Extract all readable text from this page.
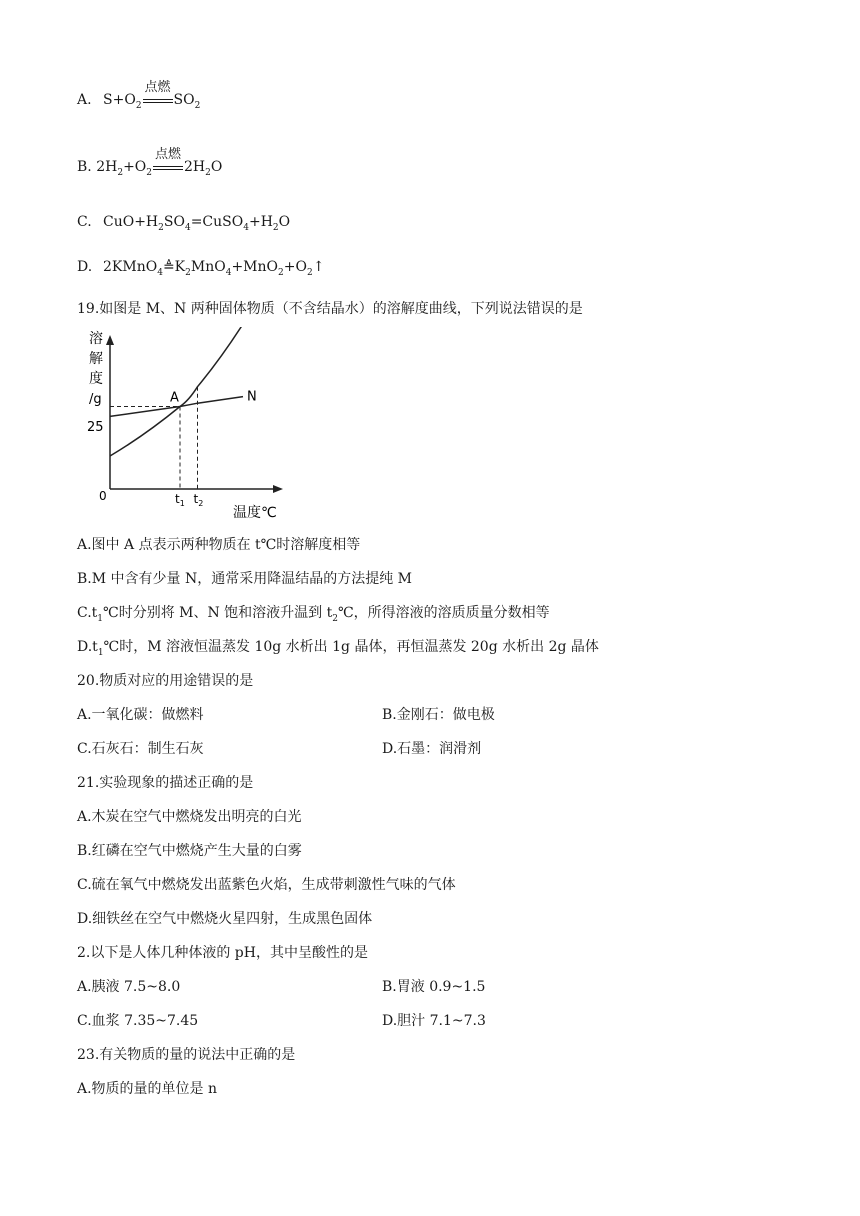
A. $S+O_2$
点燃
$SO_2$
B. $2H_2+O_2$
点燃
$2H_2O$
C. $CuO+H_2SO_4=CuSO_4+H_2O$
D. $2KMnO_4≜K_2MnO_4+MnO_2+O_2↑$
19.如图是 M、N 两种固体物质（不含结晶水）的溶解度曲线，下列说法错误的是
溶
解
度
/g
0
25
温度℃
$t_1$ $t_2$
N
A
A.图中 A 点表示两种物质在 t℃时溶解度相等
B.M 中含有少量 N，通常采用降温结晶的方法提纯 M
$C.t_1℃$时分别将 M、N 饱和溶液升温到 $t_2℃$，所得溶液的溶质质量分数相等
$D.t_1℃$时，M 溶液恒温蒸发 10g 水析出 1g 晶体，再恒温蒸发 20g 水析出 2g 晶体
20.物质对应的用途错误的是
A.一氧化碳：做燃料	B.金刚石：做电极
C.石灰石：制生石灰	D.石墨：润滑剂
21.实验现象的描述正确的是
A.木炭在空气中燃烧发出明亮的白光
B.红磷在空气中燃烧产生大量的白雾
C.硫在氧气中燃烧发出蓝紫色火焰，生成带刺激性气味的气体
D.细铁丝在空气中燃烧火星四射，生成黑色固体
2.以下是人体几种体液的 pH，其中呈酸性的是
A.胰液 7.5~8.0	B.胃液 0.9~1.5
C.血浆 7.35~7.45	D.胆汁 7.1~7.3
23.有关物质的量的说法中正确的是
A.物质的量的单位是 n
